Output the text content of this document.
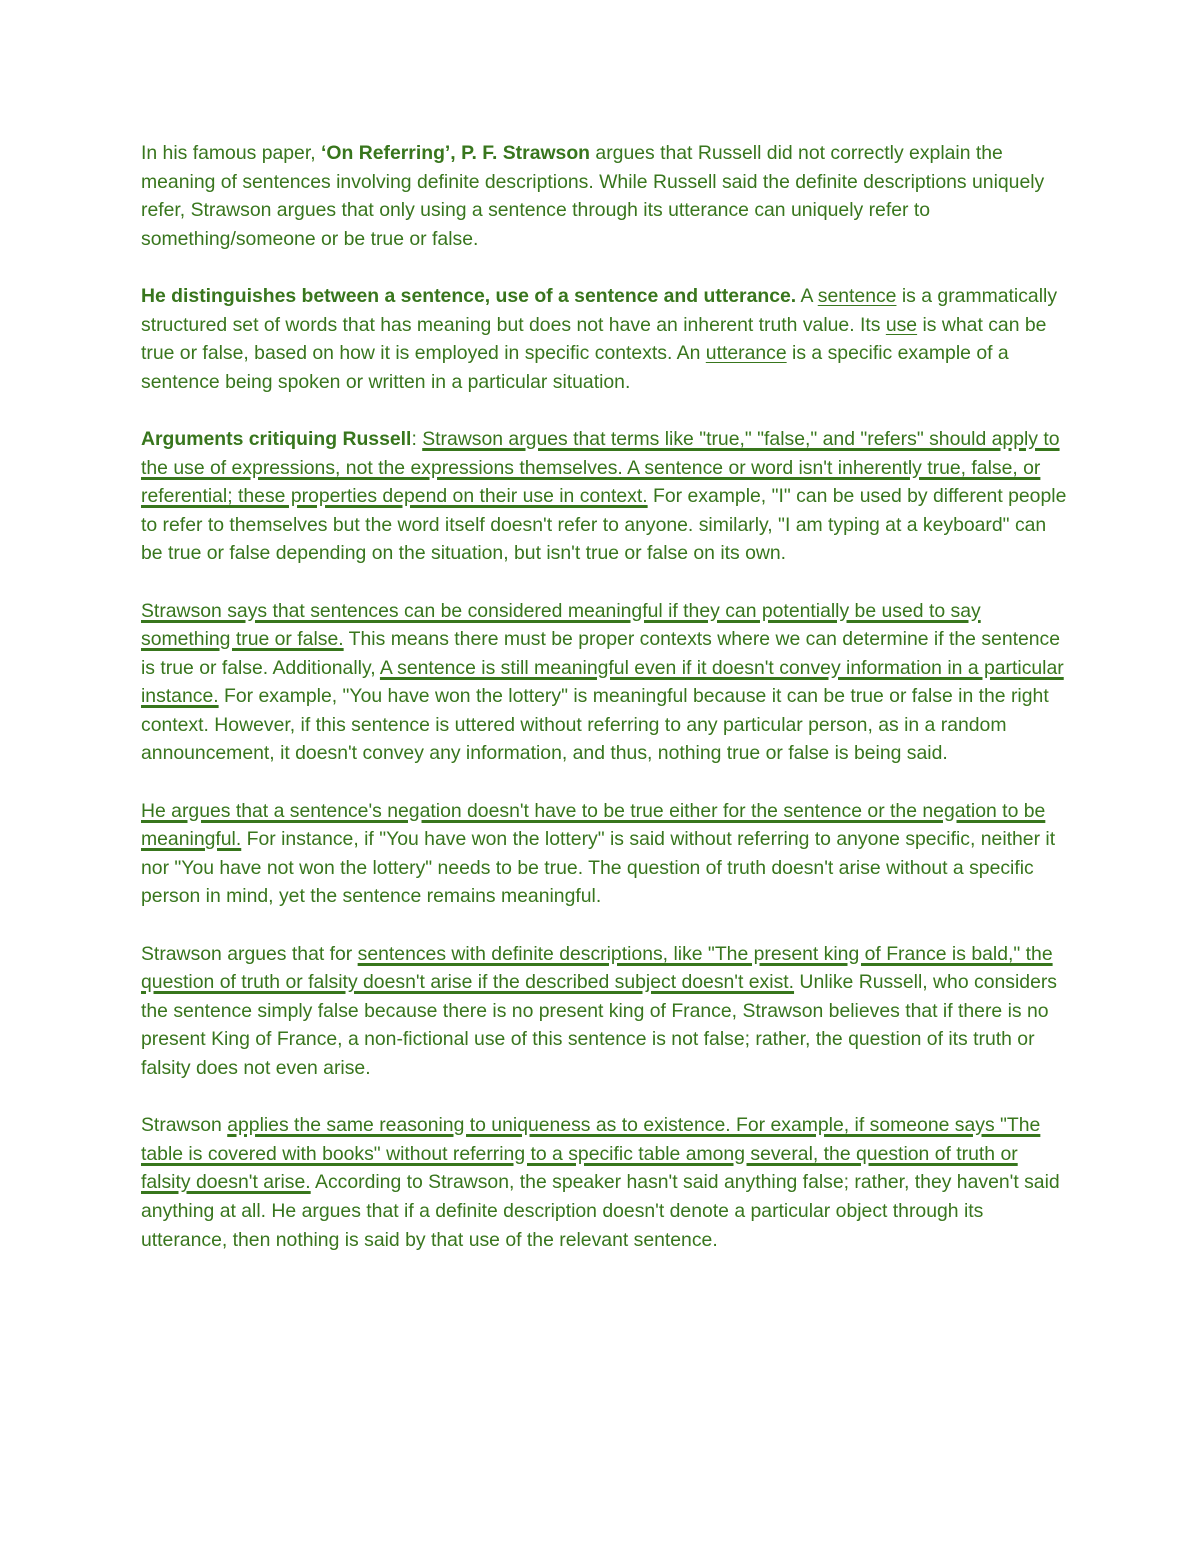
In his famous paper, ‘On Referring’, P. F. Strawson argues that Russell did not correctly explain the meaning of sentences involving definite descriptions. While Russell said the definite descriptions uniquely refer, Strawson argues that only using a sentence through its utterance can uniquely refer to something/someone or be true or false.

He distinguishes between a sentence, use of a sentence and utterance. A sentence is a grammatically structured set of words that has meaning but does not have an inherent truth value. Its use is what can be true or false, based on how it is employed in specific contexts. An utterance is a specific example of a sentence being spoken or written in a particular situation.

Arguments critiquing Russell: Strawson argues that terms like "true," "false," and "refers" should apply to the use of expressions, not the expressions themselves. A sentence or word isn't inherently true, false, or referential; these properties depend on their use in context. For example, "I" can be used by different people to refer to themselves but the word itself doesn't refer to anyone. similarly, "I am typing at a keyboard" can be true or false depending on the situation, but isn't true or false on its own.

Strawson says that sentences can be considered meaningful if they can potentially be used to say something true or false. This means there must be proper contexts where we can determine if the sentence is true or false. Additionally, A sentence is still meaningful even if it doesn't convey information in a particular instance. For example, "You have won the lottery" is meaningful because it can be true or false in the right context. However, if this sentence is uttered without referring to any particular person, as in a random announcement, it doesn't convey any information, and thus, nothing true or false is being said.

He argues that a sentence's negation doesn't have to be true either for the sentence or the negation to be meaningful. For instance, if "You have won the lottery" is said without referring to anyone specific, neither it nor "You have not won the lottery" needs to be true. The question of truth doesn't arise without a specific person in mind, yet the sentence remains meaningful.

Strawson argues that for sentences with definite descriptions, like "The present king of France is bald," the question of truth or falsity doesn't arise if the described subject doesn't exist. Unlike Russell, who considers the sentence simply false because there is no present king of France, Strawson believes that if there is no present King of France, a non-fictional use of this sentence is not false; rather, the question of its truth or falsity does not even arise.

Strawson applies the same reasoning to uniqueness as to existence. For example, if someone says "The table is covered with books" without referring to a specific table among several, the question of truth or falsity doesn't arise. According to Strawson, the speaker hasn't said anything false; rather, they haven't said anything at all. He argues that if a definite description doesn't denote a particular object through its utterance, then nothing is said by that use of the relevant sentence.
